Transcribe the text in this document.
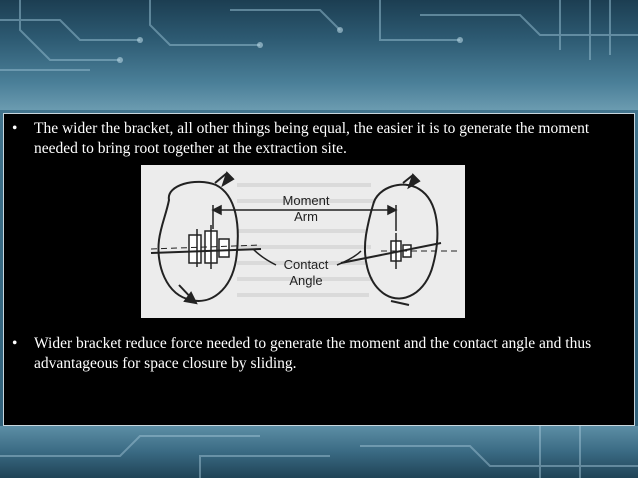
• The wider the bracket, all other things being equal, the easier it is to generate the moment needed to bring root together at the extraction site.
Moment
Arm
Contact
Angle
• Wider bracket reduce force needed to generate the moment and the contact angle and thus advantageous for space closure by sliding.
